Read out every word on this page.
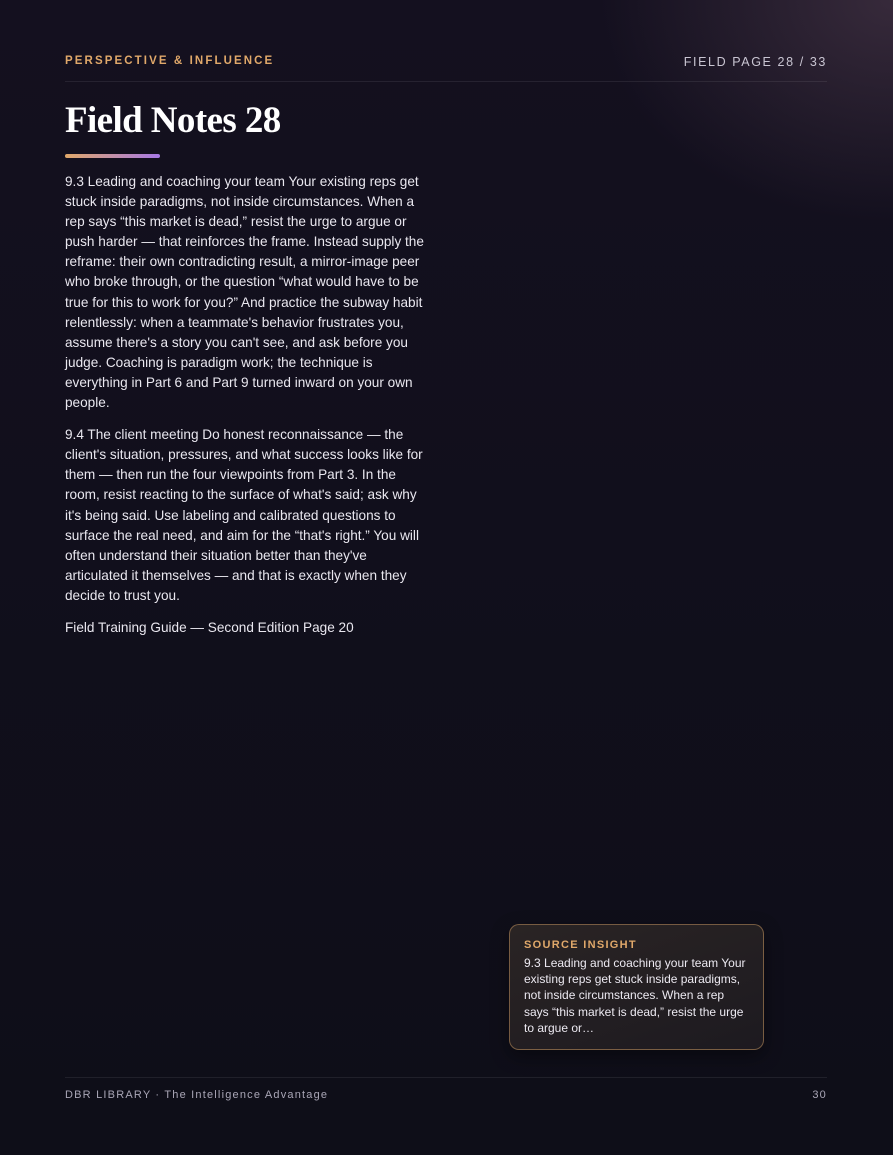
PERSPECTIVE & INFLUENCE	FIELD PAGE 28 / 33
Field Notes 28

9.3 Leading and coaching your team Your existing reps get stuck inside paradigms, not inside circumstances. When a rep says “this market is dead,” resist the urge to argue or push harder — that reinforces the frame. Instead supply the reframe: their own contradicting result, a mirror-image peer who broke through, or the question “what would have to be true for this to work for you?” And practice the subway habit relentlessly: when a teammate's behavior frustrates you, assume there's a story you can't see, and ask before you judge. Coaching is paradigm work; the technique is everything in Part 6 and Part 9 turned inward on your own people.

9.4 The client meeting Do honest reconnaissance — the client's situation, pressures, and what success looks like for them — then run the four viewpoints from Part 3. In the room, resist reacting to the surface of what's said; ask why it's being said. Use labeling and calibrated questions to surface the real need, and aim for the “that's right.” You will often understand their situation better than they've articulated it themselves — and that is exactly when they decide to trust you.

Field Training Guide — Second Edition Page 20

SOURCE INSIGHT
9.3 Leading and coaching your team Your existing reps get stuck inside paradigms, not inside circumstances. When a rep says “this market is dead,” resist the urge to argue or…
DBR LIBRARY · The Intelligence Advantage	30
